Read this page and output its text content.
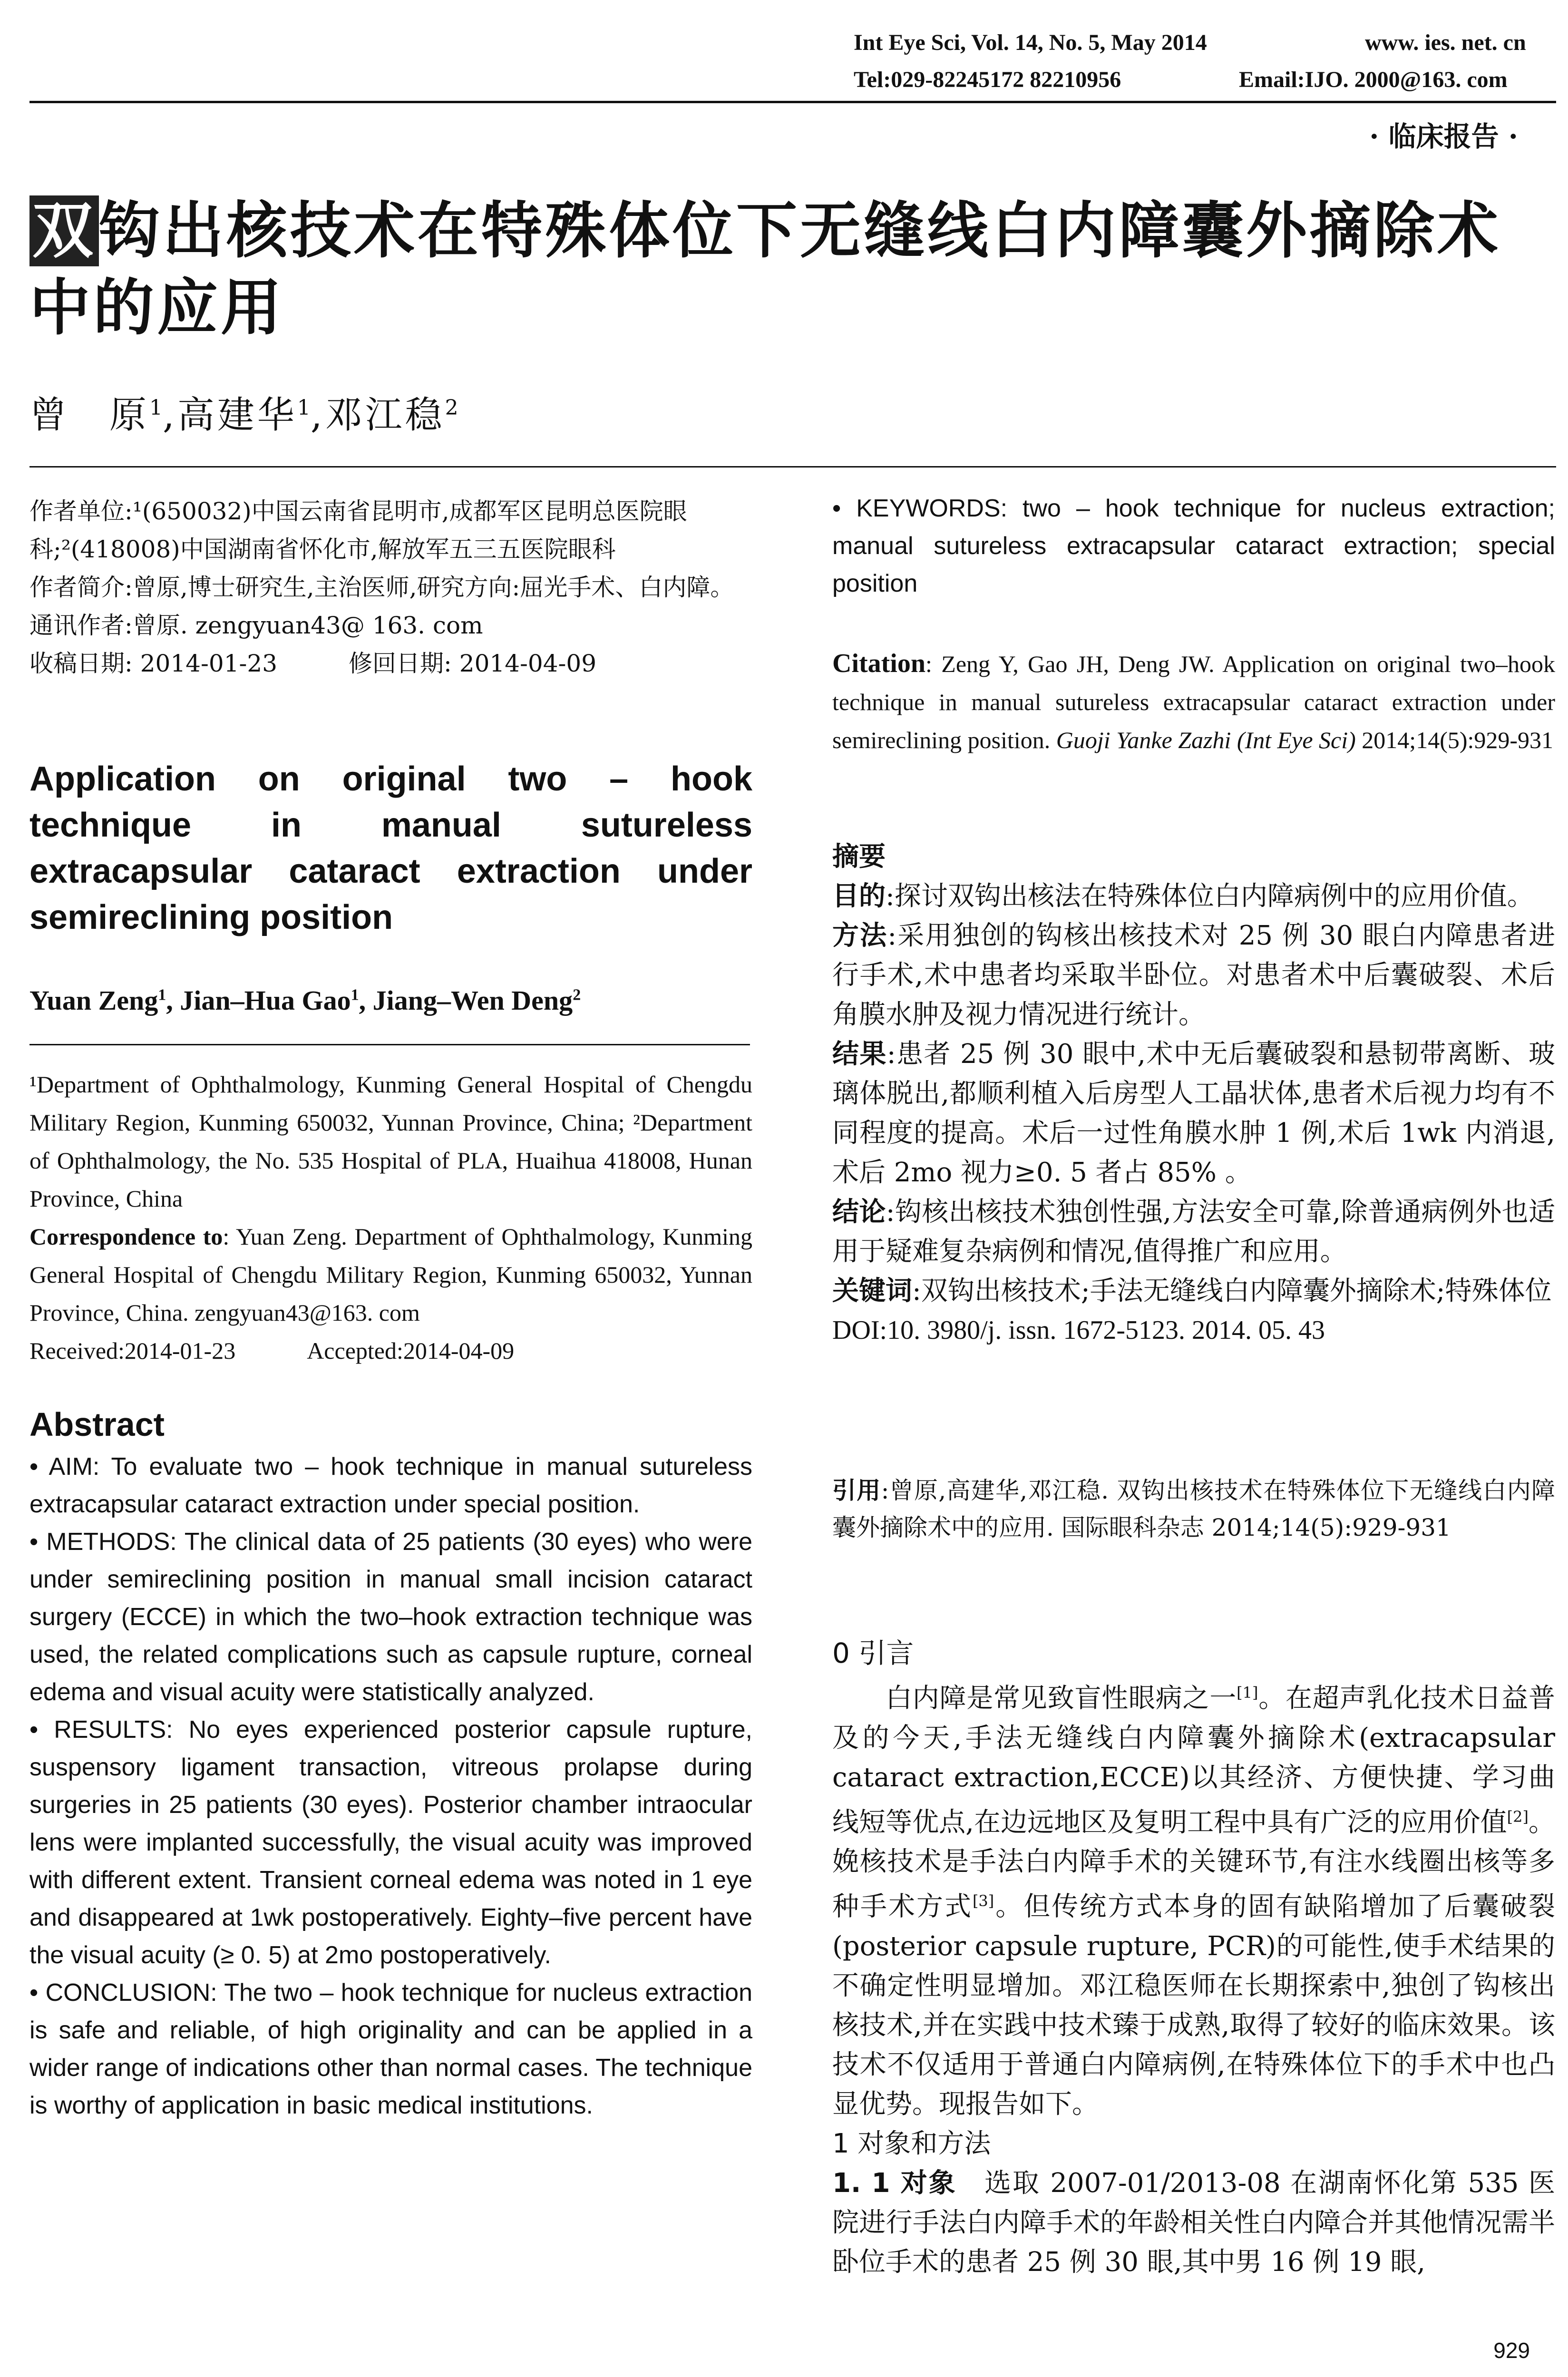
Int Eye Sci, Vol. 14, No. 5, May 2014	www. ies. net. cn
Tel:029-82245172 82210956	Email:IJO. 2000@163. com
· 临床报告 ·
双钩出核技术在特殊体位下无缝线白内障囊外摘除术中的应用
曾　原$^1$,高建华$^1$,邓江稳$^2$

作者单位:¹(650032)中国云南省昆明市,成都军区昆明总医院眼科;²(418008)中国湖南省怀化市,解放军五三五医院眼科

作者简介:曾原,博士研究生,主治医师,研究方向:屈光手术、白内障。

通讯作者:曾原. zengyuan43@ 163. com

收稿日期: 2014-01-23　　　修回日期: 2014-04-09

Application on original two – hook technique in manual sutureless extracapsular cataract extraction under semireclining position
Yuan Zeng$^1$, Jian–Hua Gao$^1$, Jiang–Wen Deng$^2$

¹Department of Ophthalmology, Kunming General Hospital of Chengdu Military Region, Kunming 650032, Yunnan Province, China; ²Department of Ophthalmology, the No. 535 Hospital of PLA, Huaihua 418008, Hunan Province, China

Correspondence to: Yuan Zeng. Department of Ophthalmology, Kunming General Hospital of Chengdu Military Region, Kunming 650032, Yunnan Province, China. zengyuan43@163. com

Received:2014-01-23　　　Accepted:2014-04-09

Abstract

• AIM: To evaluate two – hook technique in manual sutureless extracapsular cataract extraction under special position.

• METHODS: The clinical data of 25 patients (30 eyes) who were under semireclining position in manual small incision cataract surgery (ECCE) in which the two–hook extraction technique was used, the related complications such as capsule rupture, corneal edema and visual acuity were statistically analyzed.

• RESULTS: No eyes experienced posterior capsule rupture, suspensory ligament transaction, vitreous prolapse during surgeries in 25 patients (30 eyes). Posterior chamber intraocular lens were implanted successfully, the visual acuity was improved with different extent. Transient corneal edema was noted in 1 eye and disappeared at 1wk postoperatively. Eighty–five percent have the visual acuity (≥ 0. 5) at 2mo postoperatively.

• CONCLUSION: The two – hook technique for nucleus extraction is safe and reliable, of high originality and can be applied in a wider range of indications other than normal cases. The technique is worthy of application in basic medical institutions.

• KEYWORDS: two – hook technique for nucleus extraction; manual sutureless extracapsular cataract extraction; special position
Citation: Zeng Y, Gao JH, Deng JW. Application on original two–hook technique in manual sutureless extracapsular cataract extraction under semireclining position. Guoji Yanke Zazhi (Int Eye Sci) 2014;14(5):929-931
摘要

目的:探讨双钩出核法在特殊体位白内障病例中的应用价值。

方法:采用独创的钩核出核技术对 25 例 30 眼白内障患者进行手术,术中患者均采取半卧位。对患者术中后囊破裂、术后角膜水肿及视力情况进行统计。

结果:患者 25 例 30 眼中,术中无后囊破裂和悬韧带离断、玻璃体脱出,都顺利植入后房型人工晶状体,患者术后视力均有不同程度的提高。术后一过性角膜水肿 1 例,术后 1wk 内消退,术后 2mo 视力≥0. 5 者占 85% 。

结论:钩核出核技术独创性强,方法安全可靠,除普通病例外也适用于疑难复杂病例和情况,值得推广和应用。

关键词:双钩出核技术;手法无缝线白内障囊外摘除术;特殊体位

DOI:10. 3980/j. issn. 1672-5123. 2014. 05. 43

引用:曾原,高建华,邓江稳. 双钩出核技术在特殊体位下无缝线白内障囊外摘除术中的应用. 国际眼科杂志 2014;14(5):929-931
0 引言

白内障是常见致盲性眼病之一[1]。在超声乳化技术日益普及的今天,手法无缝线白内障囊外摘除术(extracapsular cataract extraction,ECCE)以其经济、方便快捷、学习曲线短等优点,在边远地区及复明工程中具有广泛的应用价值[2]。娩核技术是手法白内障手术的关键环节,有注水线圈出核等多种手术方式[3]。但传统方式本身的固有缺陷增加了后囊破裂(posterior capsule rupture, PCR)的可能性,使手术结果的不确定性明显增加。邓江稳医师在长期探索中,独创了钩核出核技术,并在实践中技术臻于成熟,取得了较好的临床效果。该技术不仅适用于普通白内障病例,在特殊体位下的手术中也凸显优势。现报告如下。

1 对象和方法

1. 1 对象　选取 2007-01/2013-08 在湖南怀化第 535 医院进行手法白内障手术的年龄相关性白内障合并其他情况需半卧位手术的患者 25 例 30 眼,其中男 16 例 19 眼,

929
